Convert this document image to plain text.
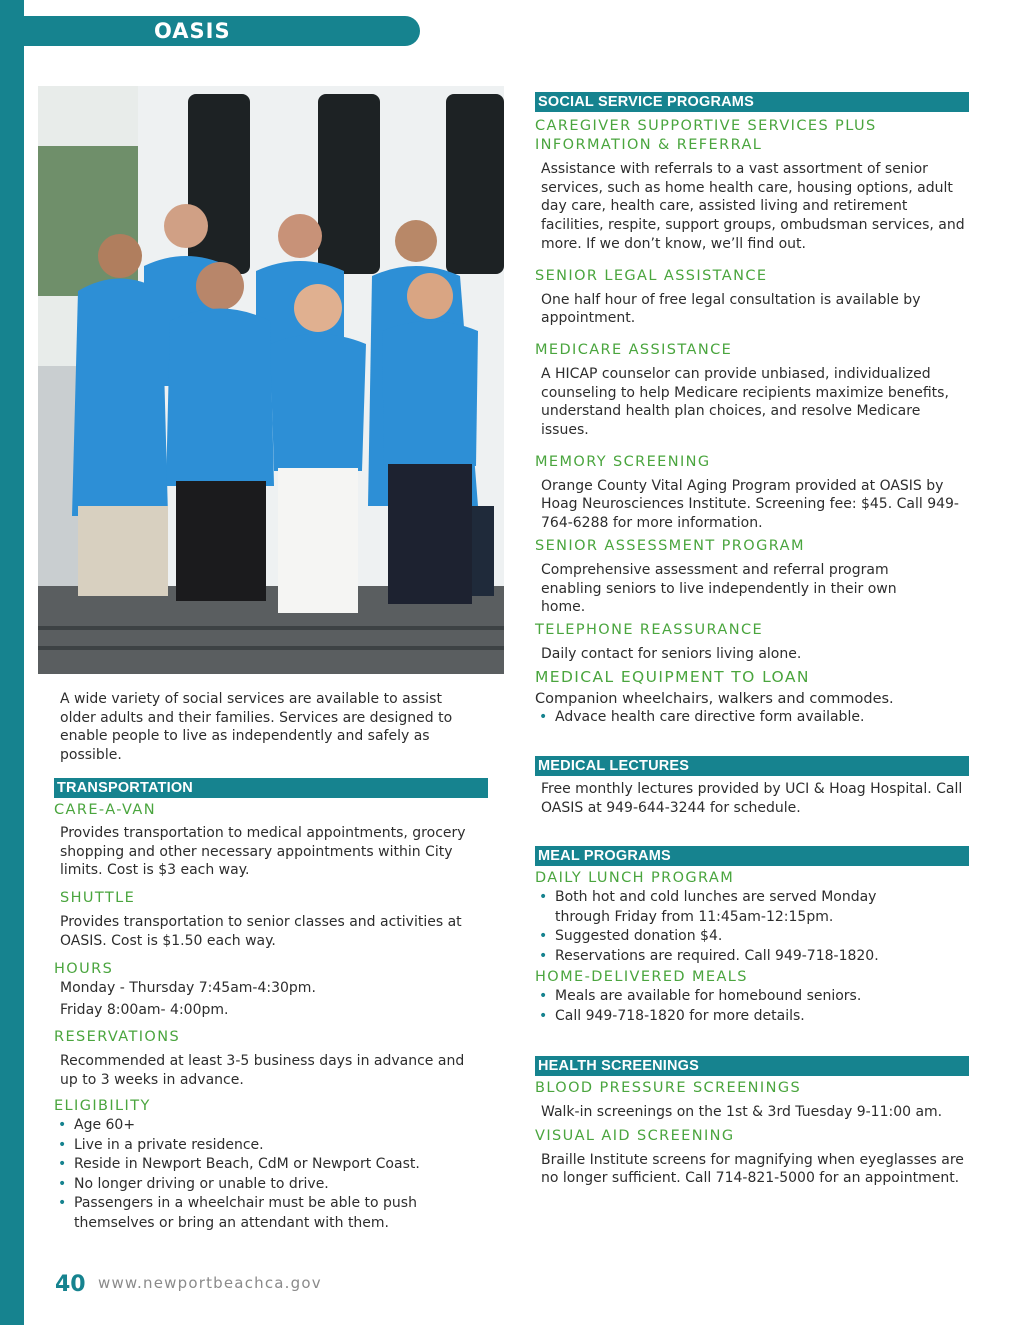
OASIS

A wide variety of social services are available to assist older adults and their families. Services are designed to enable people to live as independently and safely as possible.

TRANSPORTATION
CARE-A-VAN

Provides transportation to medical appointments, grocery shopping and other necessary appointments within City limits. Cost is $3 each way.

SHUTTLE

Provides transportation to senior classes and activities at OASIS. Cost is $1.50 each way.

HOURS

Monday - Thursday 7:45am-4:30pm.

Friday 8:00am- 4:00pm.

RESERVATIONS

Recommended at least 3-5 business days in advance and up to 3 weeks in advance.

ELIGIBILITY
• Age 60+
• Live in a private residence.
• Reside in Newport Beach, CdM or Newport Coast.
• No longer driving or unable to drive.
• Passengers in a wheelchair must be able to push themselves or bring an attendant with them.
SOCIAL SERVICE PROGRAMS
CAREGIVER SUPPORTIVE SERVICES PLUS INFORMATION & REFERRAL

Assistance with referrals to a vast assortment of senior services, such as home health care, housing options, adult day care, health care, assisted living and retirement facilities, respite, support groups, ombudsman services, and more. If we don’t know, we’ll find out.

SENIOR LEGAL ASSISTANCE

One half hour of free legal consultation is available by appointment.

MEDICARE ASSISTANCE

A HICAP counselor can provide unbiased, individualized counseling to help Medicare recipients maximize benefits, understand health plan choices, and resolve Medicare issues.

MEMORY SCREENING

Orange County Vital Aging Program provided at OASIS by Hoag Neurosciences Institute. Screening fee: $45. Call 949-764-6288 for more information.

SENIOR ASSESSMENT PROGRAM

Comprehensive assessment and referral program enabling seniors to live independently in their own home.

TELEPHONE REASSURANCE

Daily contact for seniors living alone.

MEDICAL EQUIPMENT TO LOAN

Companion wheelchairs, walkers and commodes.

• Advace health care directive form available.
MEDICAL LECTURES

Free monthly lectures provided by UCI & Hoag Hospital. Call OASIS at 949-644-3244 for schedule.

MEAL PROGRAMS
DAILY LUNCH PROGRAM
• Both hot and cold lunches are served Monday through Friday from 11:45am-12:15pm.
• Suggested donation $4.
• Reservations are required. Call 949-718-1820.
HOME-DELIVERED MEALS
• Meals are available for homebound seniors.
• Call 949-718-1820 for more details.
HEALTH SCREENINGS
BLOOD PRESSURE SCREENINGS

Walk-in screenings on the 1st & 3rd Tuesday 9-11:00 am.

VISUAL AID SCREENING

Braille Institute screens for magnifying when eyeglasses are no longer sufficient. Call 714-821-5000 for an appointment.

40 www.newportbeachca.gov
